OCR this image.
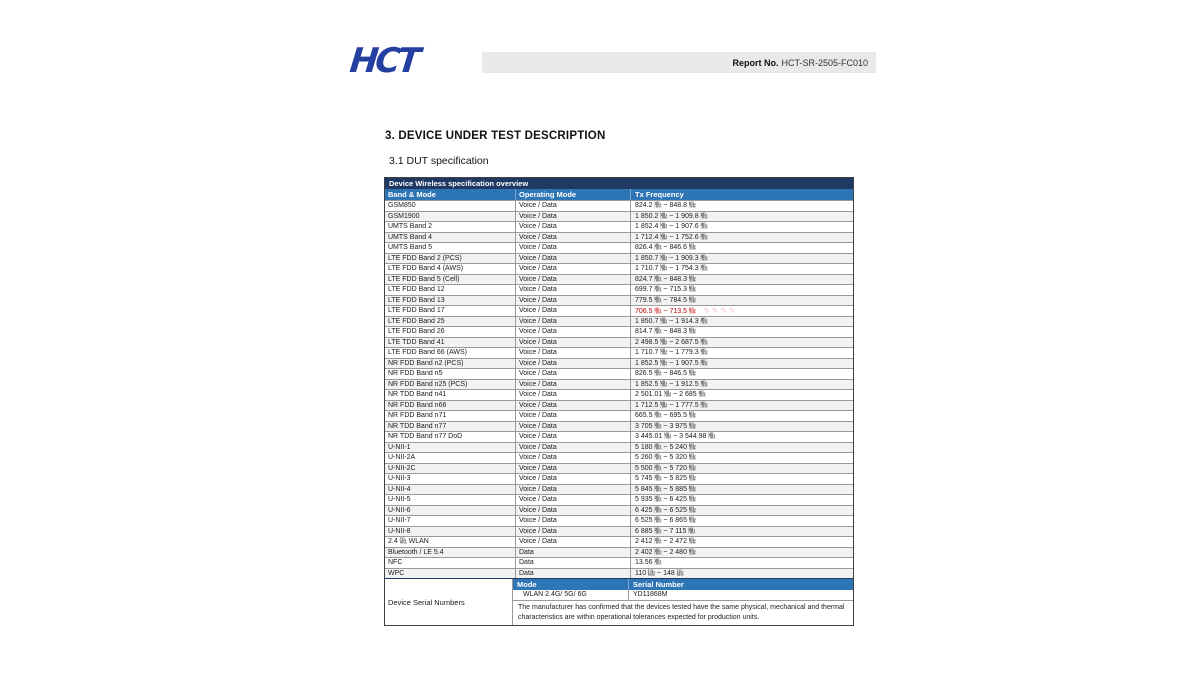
HCT	Report No. HCT-SR-2505-FC010
3. DEVICE UNDER TEST DESCRIPTION
3.1 DUT specification
Device Wireless specification overview
Band & Mode	Operating Mode	Tx Frequency
GSM850	Voice / Data	824.2 ㎒ ~ 848.8 ㎒
GSM1900	Voice / Data	1 850.2 ㎒ ~ 1 909.8 ㎒
UMTS Band 2	Voice / Data	1 852.4 ㎒ ~ 1 907.6 ㎒
UMTS Band 4	Voice / Data	1 712.4 ㎒ ~ 1 752.6 ㎒
UMTS Band 5	Voice / Data	826.4 ㎒ ~ 846.6 ㎒
LTE FDD Band 2 (PCS)	Voice / Data	1 850.7 ㎒ ~ 1 909.3 ㎒
LTE FDD Band 4 (AWS)	Voice / Data	1 710.7 ㎒ ~ 1 754.3 ㎒
LTE FDD Band 5 (Cell)	Voice / Data	824.7 ㎒ ~ 848.3 ㎒
LTE FDD Band 12	Voice / Data	699.7 ㎒ ~ 715.3 ㎒
LTE FDD Band 13	Voice / Data	779.5 ㎒ ~ 784.5 ㎒
LTE FDD Band 17	Voice / Data	706.5 ㎒ ~ 713.5 ㎒ ∿∿∿∿
LTE FDD Band 25	Voice / Data	1 850.7 ㎒ ~ 1 914.3 ㎒
LTE FDD Band 26	Voice / Data	814.7 ㎒ ~ 848.3 ㎒
LTE TDD Band 41	Voice / Data	2 498.5 ㎒ ~ 2 687.5 ㎒
LTE FDD Band 66 (AWS)	Voice / Data	1 710.7 ㎒ ~ 1 779.3 ㎒
NR FDD Band n2 (PCS)	Voice / Data	1 852.5 ㎒ ~ 1 907.5 ㎒
NR FDD Band n5	Voice / Data	826.5 ㎒ ~ 846.5 ㎒
NR FDD Band n25 (PCS)	Voice / Data	1 852.5 ㎒ ~ 1 912.5 ㎒
NR TDD Band n41	Voice / Data	2 501.01 ㎒ ~ 2 685 ㎒
NR FDD Band n66	Voice / Data	1 712.5 ㎒ ~ 1 777.5 ㎒
NR FDD Band n71	Voice / Data	665.5 ㎒ ~ 695.5 ㎒
NR TDD Band n77	Voice / Data	3 705 ㎒ ~ 3 975 ㎒
NR TDD Band n77 DoD	Voice / Data	3 445.01 ㎒ ~ 3 544.98 ㎒
U-NII-1	Voice / Data	5 180 ㎒ ~ 5 240 ㎒
U-NII-2A	Voice / Data	5 260 ㎒ ~ 5 320 ㎒
U-NII-2C	Voice / Data	5 500 ㎒ ~ 5 720 ㎒
U-NII-3	Voice / Data	5 745 ㎒ ~ 5 825 ㎒
U-NII-4	Voice / Data	5 845 ㎒ ~ 5 885 ㎒
U-NII-5	Voice / Data	5 935 ㎒ ~ 6 425 ㎒
U-NII-6	Voice / Data	6 425 ㎒ ~ 6 525 ㎒
U-NII-7	Voice / Data	6 525 ㎒ ~ 6 865 ㎒
U-NII-8	Voice / Data	6 885 ㎒ ~ 7 115 ㎒
2.4 ㎓ WLAN	Voice / Data	2 412 ㎒ ~ 2 472 ㎒
Bluetooth / LE 5.4	Data	2 402 ㎒ ~ 2 480 ㎒
NFC	Data	13.56 ㎒
WPC	Data	110 ㎑ ~ 148 ㎑
Device Serial Numbers
Mode	Serial Number
WLAN 2.4G/ 5G/ 6G	YD11868M
The manufacturer has confirmed that the devices tested have the same physical, mechanical and thermal characteristics are within operational tolerances expected for production units.
